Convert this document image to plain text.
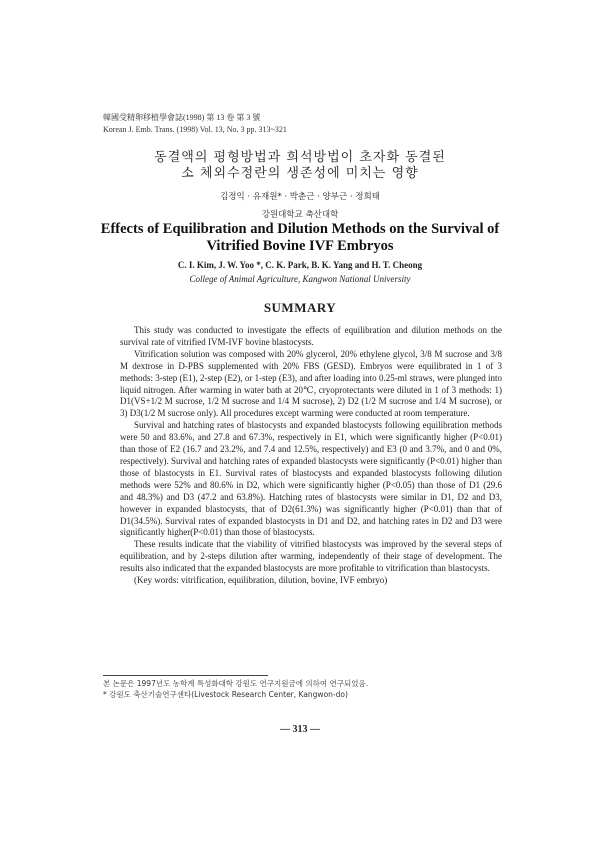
韓國受精卵移植學會誌(1998) 第 13 卷 第 3 號
Korean J. Emb. Trans. (1998) Vol. 13, No. 3 pp. 313~321
동결액의 평형방법과 희석방법이 초자화 동결된
소 체외수정란의 생존성에 미치는 영향
김정익 · 유재원* · 박춘근 · 양부근 · 정희태
강원대학교 축산대학
Effects of Equilibration and Dilution Methods on the Survival of
Vitrified Bovine IVF Embryos
C. I. Kim, J. W. Yoo *, C. K. Park, B. K. Yang and H. T. Cheong
College of Animal Agriculture, Kangwon National University
SUMMARY

This study was conducted to investigate the effects of equilibration and dilution methods on the survival rate of vitrified IVM-IVF bovine blastocysts.

Vitrification solution was composed with 20% glycerol, 20% ethylene glycol, 3/8 M sucrose and 3/8 M dextrose in D-PBS supplemented with 20% FBS (GESD). Embryos were equilibrated in 1 of 3 methods: 3-step (E1), 2-step (E2), or 1-step (E3), and after loading into 0.25-ml straws, were plunged into liquid nitrogen. After warming in water bath at 20℃, cryoprotectants were diluted in 1 of 3 methods: 1) D1(VS+1/2 M sucrose, 1/2 M sucrose and 1/4 M sucrose), 2) D2 (1/2 M sucrose and 1/4 M sucrose), or 3) D3(1/2 M sucrose only). All procedures except warming were conducted at room temperature.

Survival and hatching rates of blastocysts and expanded blastocysts following equilibration methods were 50 and 83.6%, and 27.8 and 67.3%, respectively in E1, which were significantly higher (P<0.01) than those of E2 (16.7 and 23.2%, and 7.4 and 12.5%, respectively) and E3 (0 and 3.7%, and 0 and 0%, respectively). Survival and hatching rates of expanded blastocysts were significantly (P<0.01) higher than those of blastocysts in E1. Survival rates of blastocysts and expanded blastocysts following dilution methods were 52% and 80.6% in D2, which were significantly higher (P<0.05) than those of D1 (29.6 and 48.3%) and D3 (47.2 and 63.8%). Hatching rates of blastocysts were similar in D1, D2 and D3, however in expanded blastocysts, that of D2(61.3%) was significantly higher (P<0.01) than that of D1(34.5%). Survival rates of expanded blastocysts in D1 and D2, and hatching rates in D2 and D3 were significantly higher(P<0.01) than those of blastocysts.

These results indicate that the viability of vitrified blastocysts was improved by the several steps of equilibration, and by 2-steps dilution after warming, independently of their stage of development. The results also indicated that the expanded blastocysts are more profitable to vitrification than blastocysts.

(Key words: vitrification, equilibration, dilution, bovine, IVF embryo)

본 논문은 1997년도 농학계 특성화대학 강원도 연구지원금에 의하여 연구되었음.
* 강원도 축산기술연구센타(Livestock Research Center, Kangwon-do)
— 313 —
